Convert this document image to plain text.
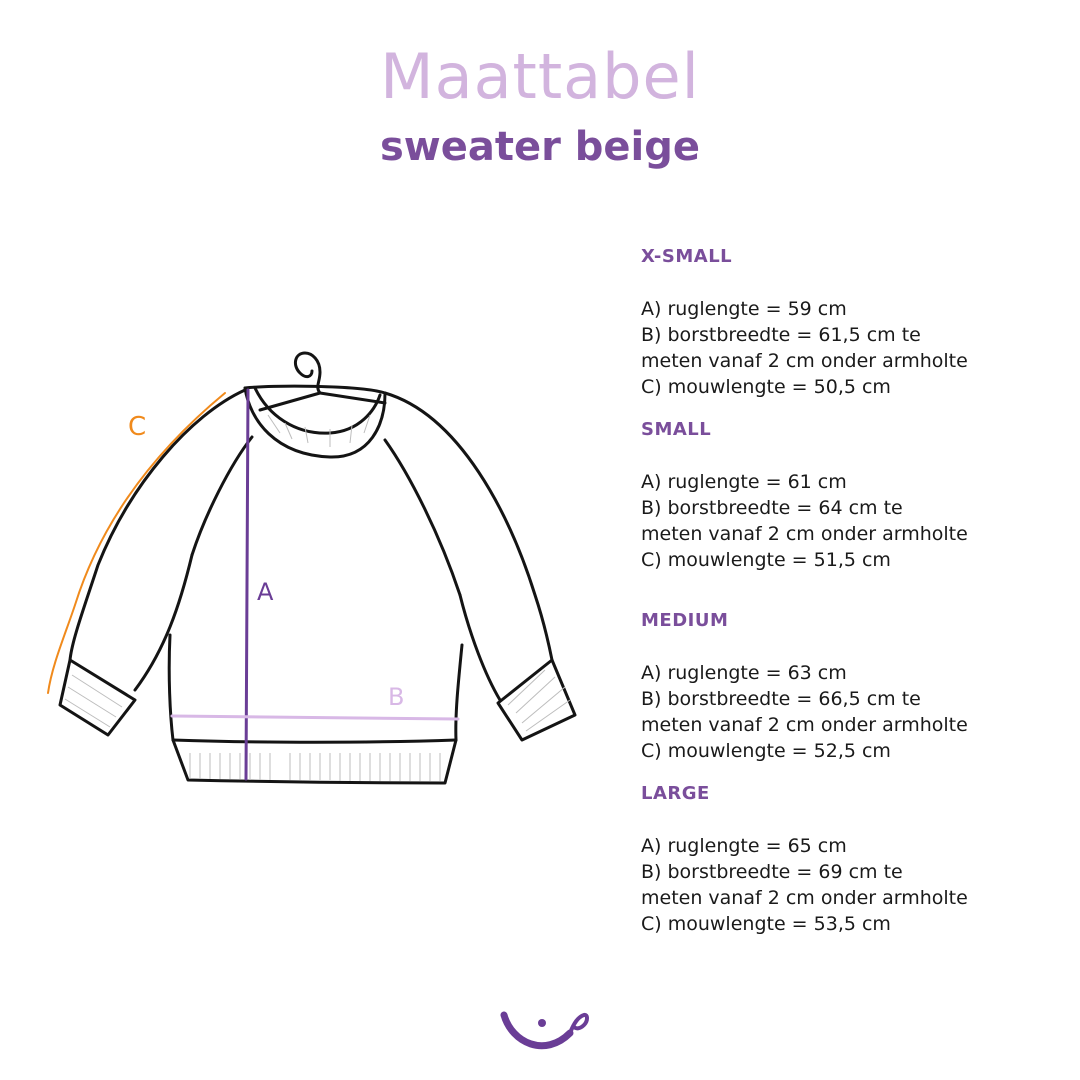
Maattabel
sweater beige
C
A
B
X-SMALL
A) ruglengte = 59 cm
B) borstbreedte = 61,5 cm te
meten vanaf 2 cm onder armholte
C) mouwlengte = 50,5 cm
SMALL
A) ruglengte = 61 cm
B) borstbreedte = 64 cm te
meten vanaf 2 cm onder armholte
C) mouwlengte = 51,5 cm
MEDIUM
A) ruglengte = 63 cm
B) borstbreedte = 66,5 cm te
meten vanaf 2 cm onder armholte
C) mouwlengte = 52,5 cm
LARGE
A) ruglengte = 65 cm
B) borstbreedte = 69 cm te
meten vanaf 2 cm onder armholte
C) mouwlengte = 53,5 cm
